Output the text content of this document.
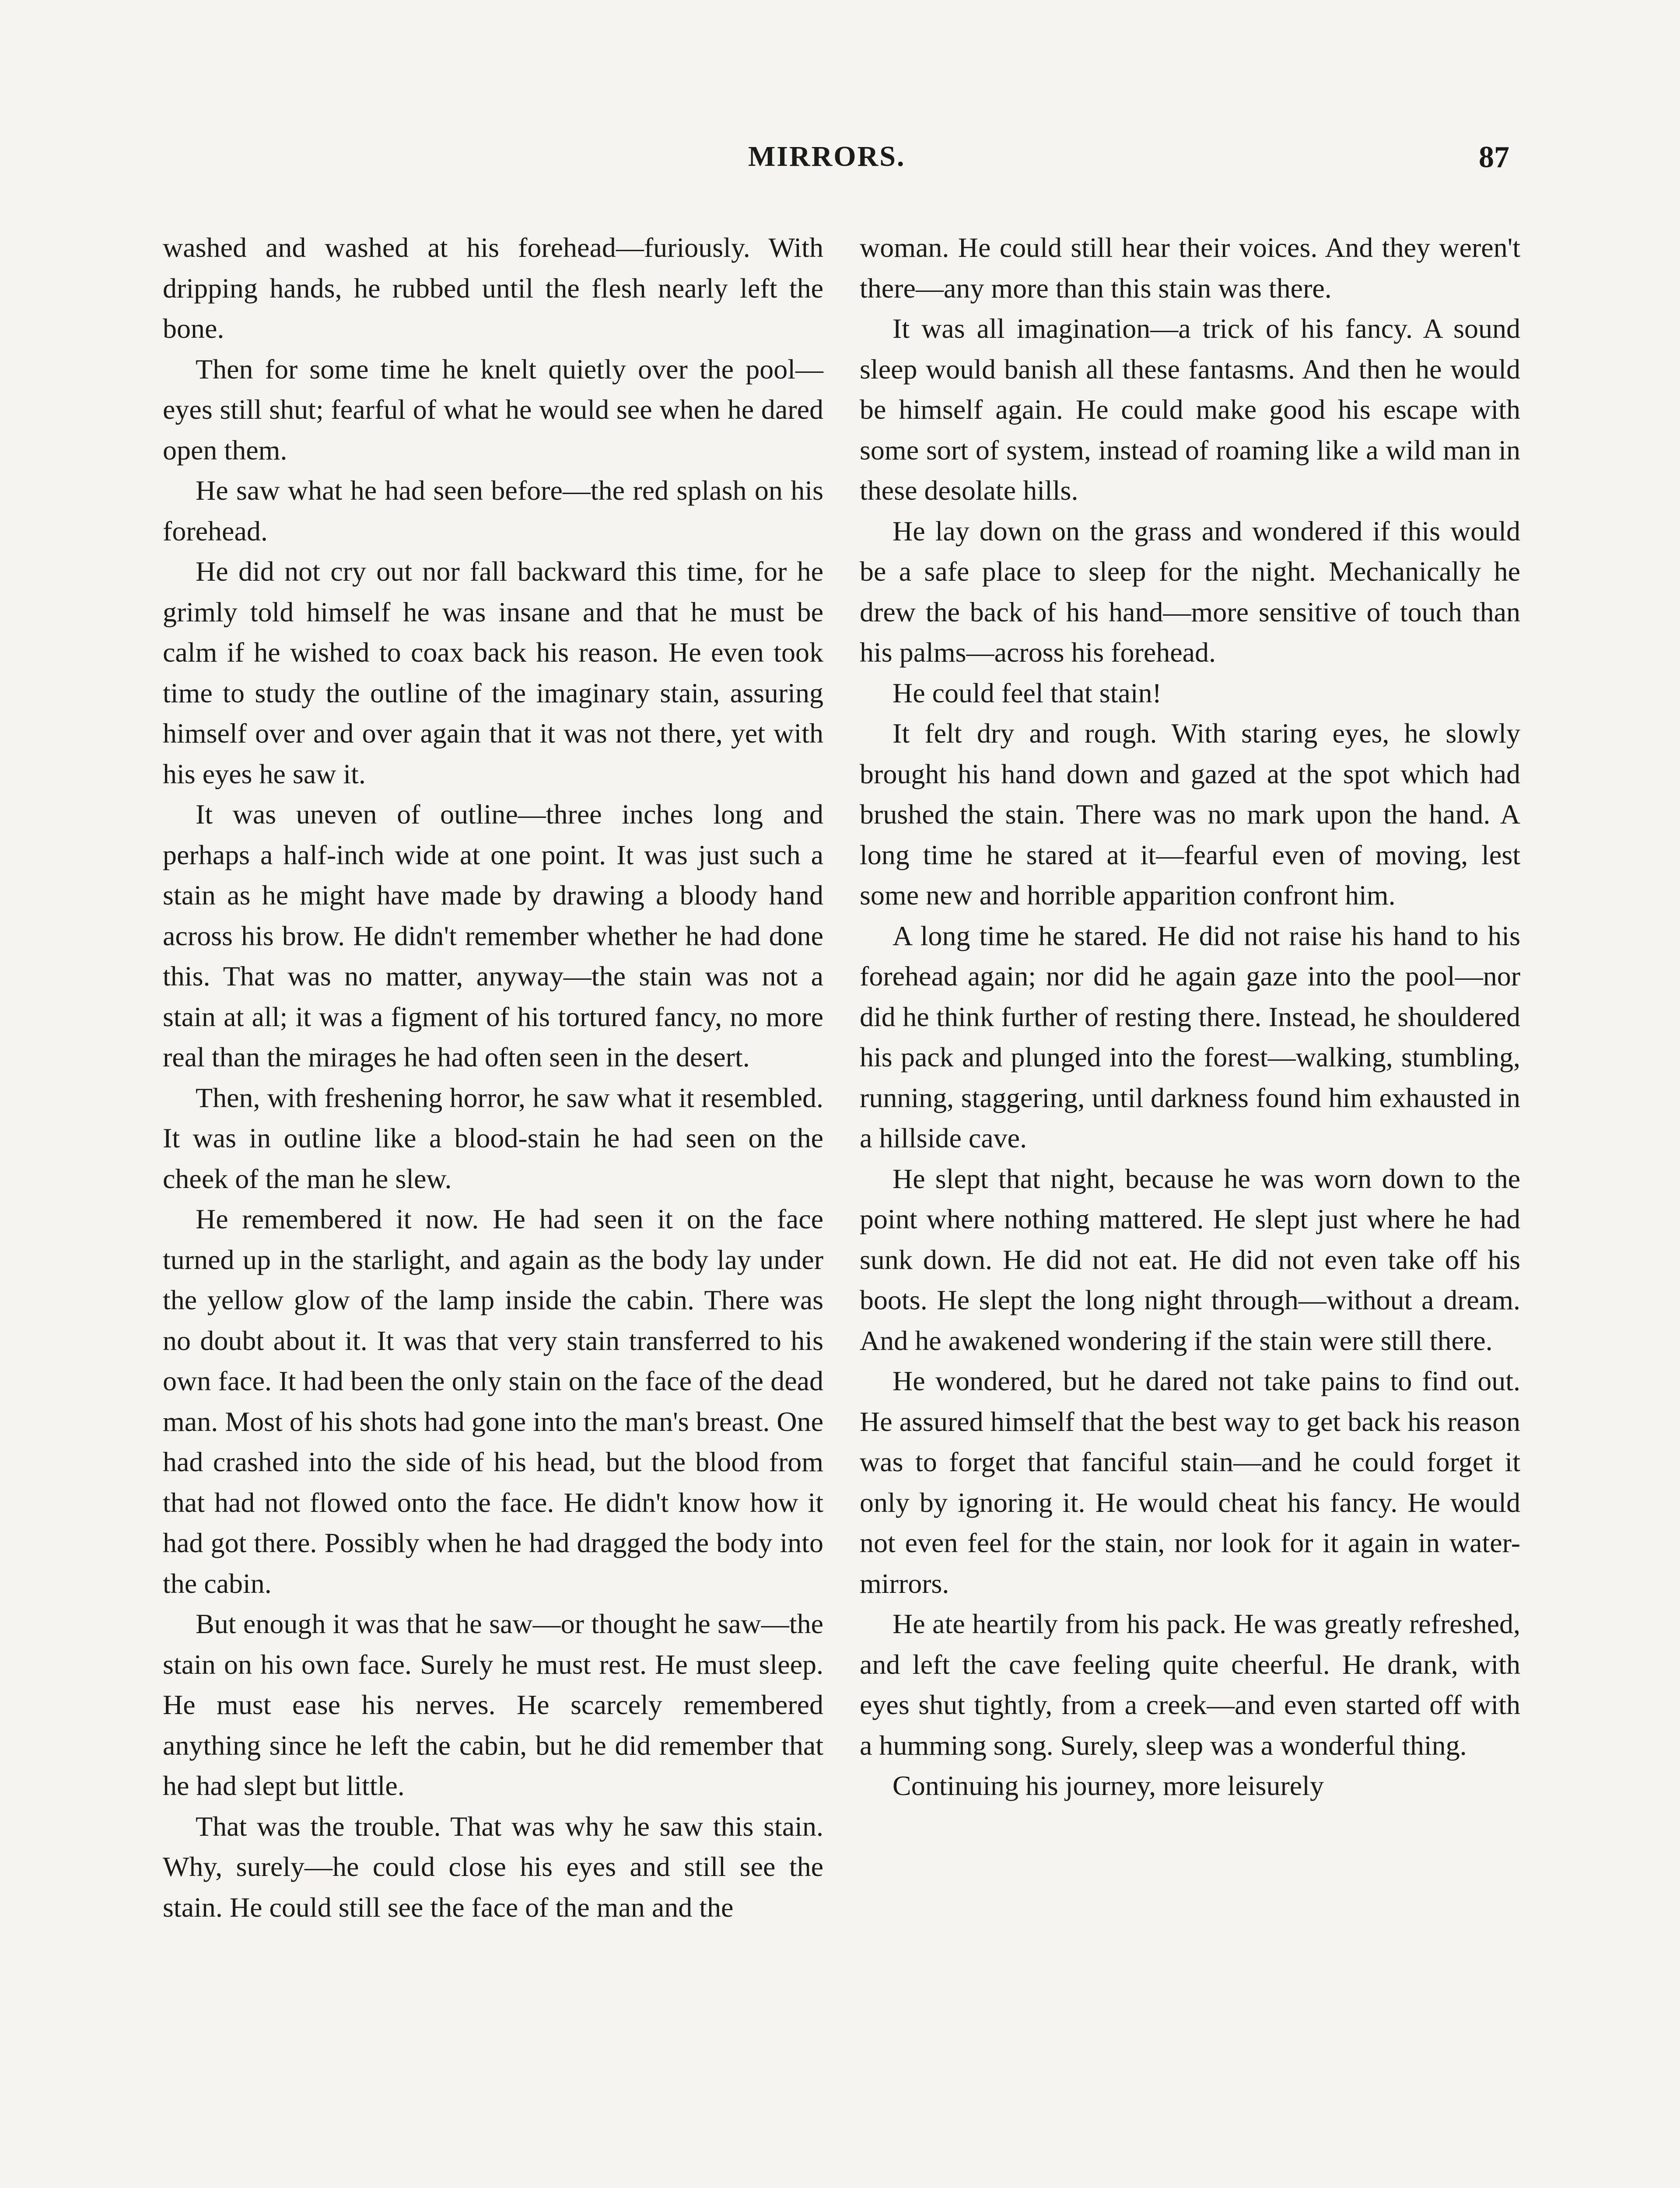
MIRRORS.	87

washed and washed at his forehead—furiously. With dripping hands, he rubbed until the flesh nearly left the bone.

Then for some time he knelt quietly over the pool—eyes still shut; fearful of what he would see when he dared open them.

He saw what he had seen before—the red splash on his forehead.

He did not cry out nor fall backward this time, for he grimly told himself he was insane and that he must be calm if he wished to coax back his reason. He even took time to study the outline of the imaginary stain, assuring himself over and over again that it was not there, yet with his eyes he saw it.

It was uneven of outline—three inches long and perhaps a half-inch wide at one point. It was just such a stain as he might have made by drawing a bloody hand across his brow. He didn't remember whether he had done this. That was no matter, anyway—the stain was not a stain at all; it was a figment of his tortured fancy, no more real than the mirages he had often seen in the desert.

Then, with freshening horror, he saw what it resembled. It was in outline like a blood-stain he had seen on the cheek of the man he slew.

He remembered it now. He had seen it on the face turned up in the starlight, and again as the body lay under the yellow glow of the lamp inside the cabin. There was no doubt about it. It was that very stain transferred to his own face. It had been the only stain on the face of the dead man. Most of his shots had gone into the man's breast. One had crashed into the side of his head, but the blood from that had not flowed onto the face. He didn't know how it had got there. Possibly when he had dragged the body into the cabin.

But enough it was that he saw—or thought he saw—the stain on his own face. Surely he must rest. He must sleep. He must ease his nerves. He scarcely remembered anything since he left the cabin, but he did remember that he had slept but little.

That was the trouble. That was why he saw this stain. Why, surely—he could close his eyes and still see the stain. He could still see the face of the man and the

woman. He could still hear their voices. And they weren't there—any more than this stain was there.

It was all imagination—a trick of his fancy. A sound sleep would banish all these fantasms. And then he would be himself again. He could make good his escape with some sort of system, instead of roaming like a wild man in these desolate hills.

He lay down on the grass and wondered if this would be a safe place to sleep for the night. Mechanically he drew the back of his hand—more sensitive of touch than his palms—across his forehead.

He could feel that stain!

It felt dry and rough. With staring eyes, he slowly brought his hand down and gazed at the spot which had brushed the stain. There was no mark upon the hand. A long time he stared at it—fearful even of moving, lest some new and horrible apparition confront him.

A long time he stared. He did not raise his hand to his forehead again; nor did he again gaze into the pool—nor did he think further of resting there. Instead, he shouldered his pack and plunged into the forest—walking, stumbling, running, staggering, until darkness found him exhausted in a hillside cave.

He slept that night, because he was worn down to the point where nothing mattered. He slept just where he had sunk down. He did not eat. He did not even take off his boots. He slept the long night through—without a dream. And he awakened wondering if the stain were still there.

He wondered, but he dared not take pains to find out. He assured himself that the best way to get back his reason was to forget that fanciful stain—and he could forget it only by ignoring it. He would cheat his fancy. He would not even feel for the stain, nor look for it again in water-mirrors.

He ate heartily from his pack. He was greatly refreshed, and left the cave feeling quite cheerful. He drank, with eyes shut tightly, from a creek—and even started off with a humming song. Surely, sleep was a wonderful thing.

Continuing his journey, more leisurely
